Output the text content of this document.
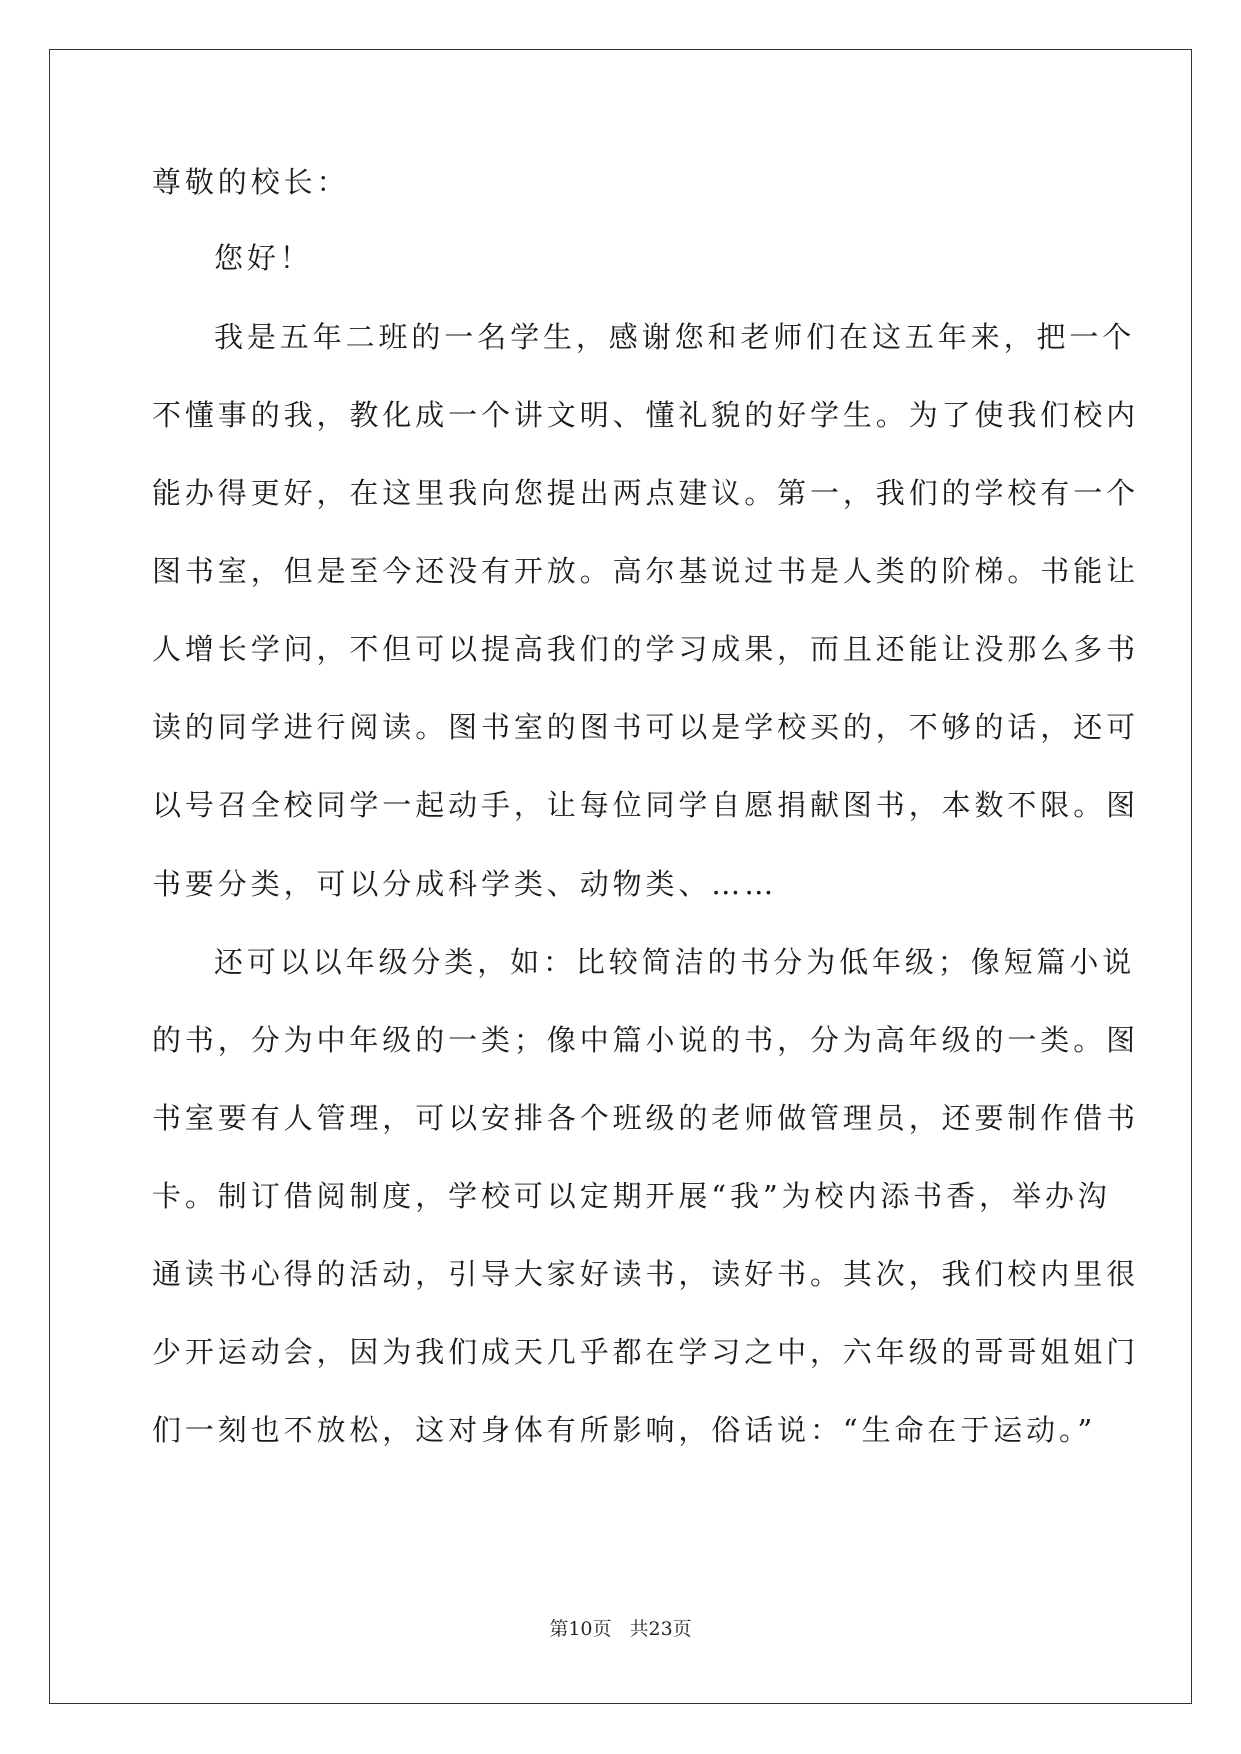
尊敬的校长：
您好！
我是五年二班的一名学生，感谢您和老师们在这五年来，把一个
不懂事的我，教化成一个讲文明、懂礼貌的好学生。为了使我们校内
能办得更好，在这里我向您提出两点建议。第一，我们的学校有一个
图书室，但是至今还没有开放。高尔基说过书是人类的阶梯。书能让
人增长学问，不但可以提高我们的学习成果，而且还能让没那么多书
读的同学进行阅读。图书室的图书可以是学校买的，不够的话，还可
以号召全校同学一起动手，让每位同学自愿捐献图书，本数不限。图
书要分类，可以分成科学类、动物类、……
还可以以年级分类，如：比较简洁的书分为低年级；像短篇小说
的书，分为中年级的一类；像中篇小说的书，分为高年级的一类。图
书室要有人管理，可以安排各个班级的老师做管理员，还要制作借书
卡。制订借阅制度，学校可以定期开展“我”为校内添书香，举办沟
通读书心得的活动，引导大家好读书，读好书。其次，我们校内里很
少开运动会，因为我们成天几乎都在学习之中，六年级的哥哥姐姐门
们一刻也不放松，这对身体有所影响，俗话说：“生命在于运动。”
第10页 共23页
